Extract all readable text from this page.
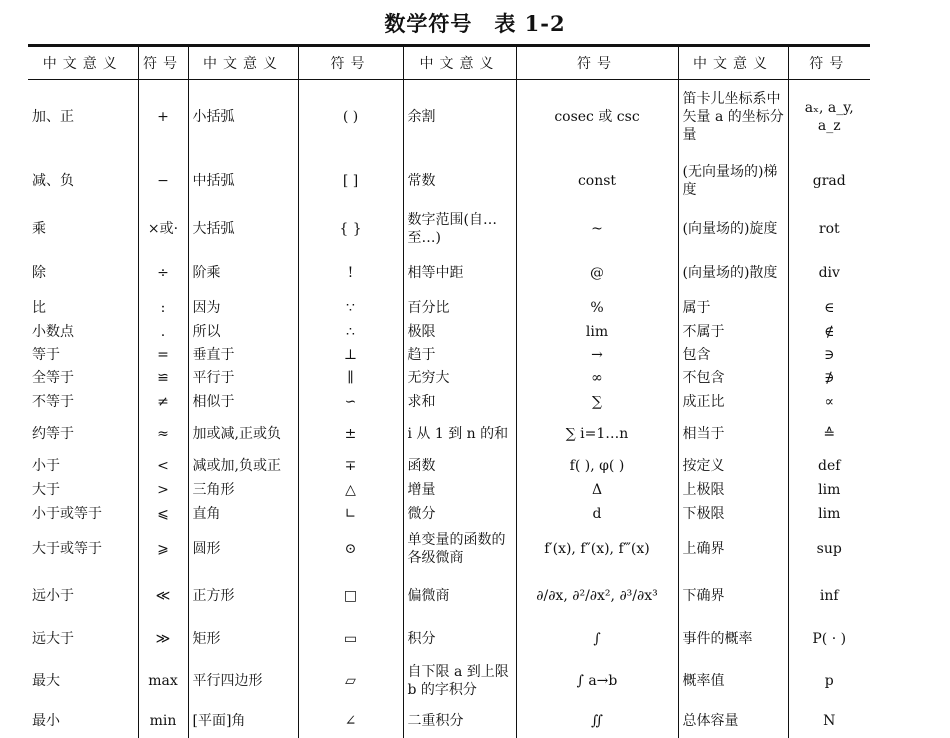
数学符号　表 1-2
中文意义	符号	中文意义	符号	中文意义	符号	中文意义	符号
加、正	+	小括弧	( )	余割	cosec 或 csc	笛卡儿坐标系中矢量 a 的坐标分量	aₓ, a_y, a_z
减、负	−	中括弧	[ ]	常数	const	(无向量场的)梯度	grad
乘	×或·	大括弧	{ }	数字范围(自…至…)	~	(向量场的)旋度	rot
除	÷	阶乘	!	相等中距	@	(向量场的)散度	div
比	:	因为	∵	百分比	%	属于	∈
小数点	.	所以	∴	极限	lim	不属于	∉
等于	=	垂直于	⊥	趋于	→	包含	∋
全等于	≌	平行于	∥	无穷大	∞	不包含	∌
不等于	≠	相似于	∽	求和	∑	成正比	∝
约等于	≈	加或减,正或负	±	i 从 1 到 n 的和	∑ i=1…n	相当于	≙
小于	<	减或加,负或正	∓	函数	f( ), φ( )	按定义	def
大于	>	三角形	△	增量	Δ	上极限	lim
小于或等于	⩽	直角	∟	微分	d	下极限	lim
大于或等于	⩾	圆形	⊙	单变量的函数的各级微商	f′(x), f″(x), f‴(x)	上确界	sup
远小于	≪	正方形	□	偏微商	∂/∂x, ∂²/∂x², ∂³/∂x³	下确界	inf
远大于	≫	矩形	▭	积分	∫	事件的概率	P( · )
最大	max	平行四边形	▱	自下限 a 到上限 b 的字积分	∫ a→b	概率值	p
最小	min	[平面]角	∠	二重积分	∬	总体容量	N
